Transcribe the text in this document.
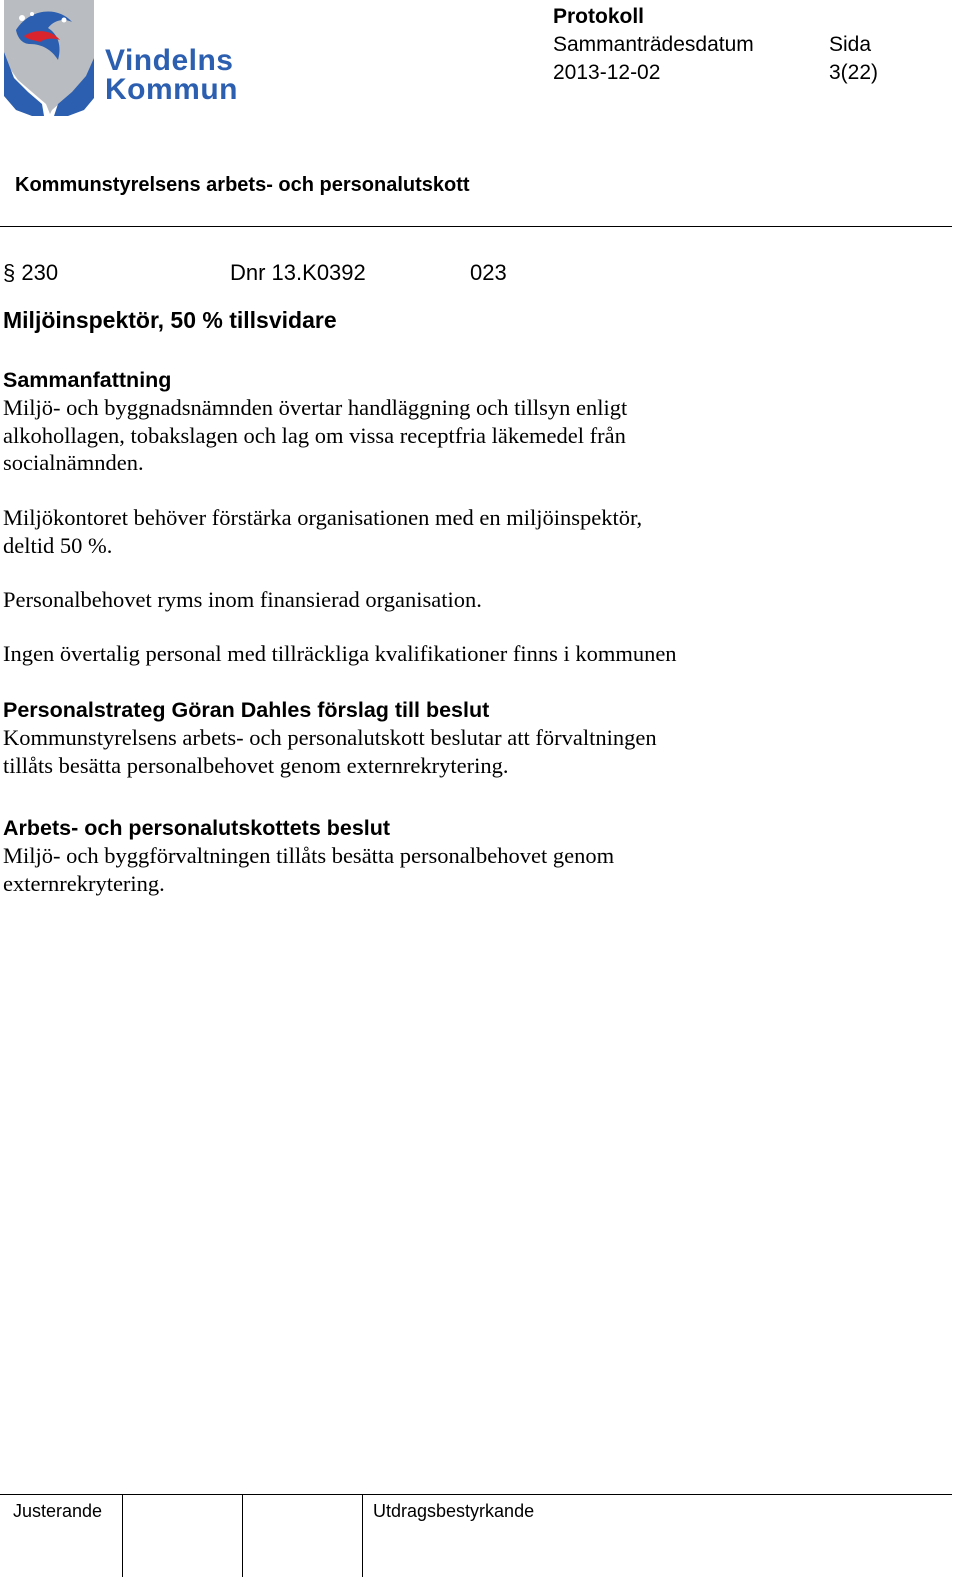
Vindelns
Kommun
Protokoll
Sammanträdesdatum	Sida
2013-12-02	3(22)
Kommunstyrelsens arbets- och personalutskott
§ 230	Dnr 13.K0392	023
Miljöinspektör, 50 % tillsvidare

Sammanfattning

Miljö- och byggnadsnämnden övertar handläggning och tillsyn enligt

alkohollagen, tobakslagen och lag om vissa receptfria läkemedel från

socialnämnden.

Miljökontoret behöver förstärka organisationen med en miljöinspektör,

deltid 50 %.

Personalbehovet ryms inom finansierad organisation.

Ingen övertalig personal med tillräckliga kvalifikationer finns i kommunen

Personalstrateg Göran Dahles förslag till beslut

Kommunstyrelsens arbets- och personalutskott beslutar att förvaltningen

tillåts besätta personalbehovet genom externrekrytering.

Arbets- och personalutskottets beslut

Miljö- och byggförvaltningen tillåts besätta personalbehovet genom

externrekrytering.

Justerande	Utdragsbestyrkande
